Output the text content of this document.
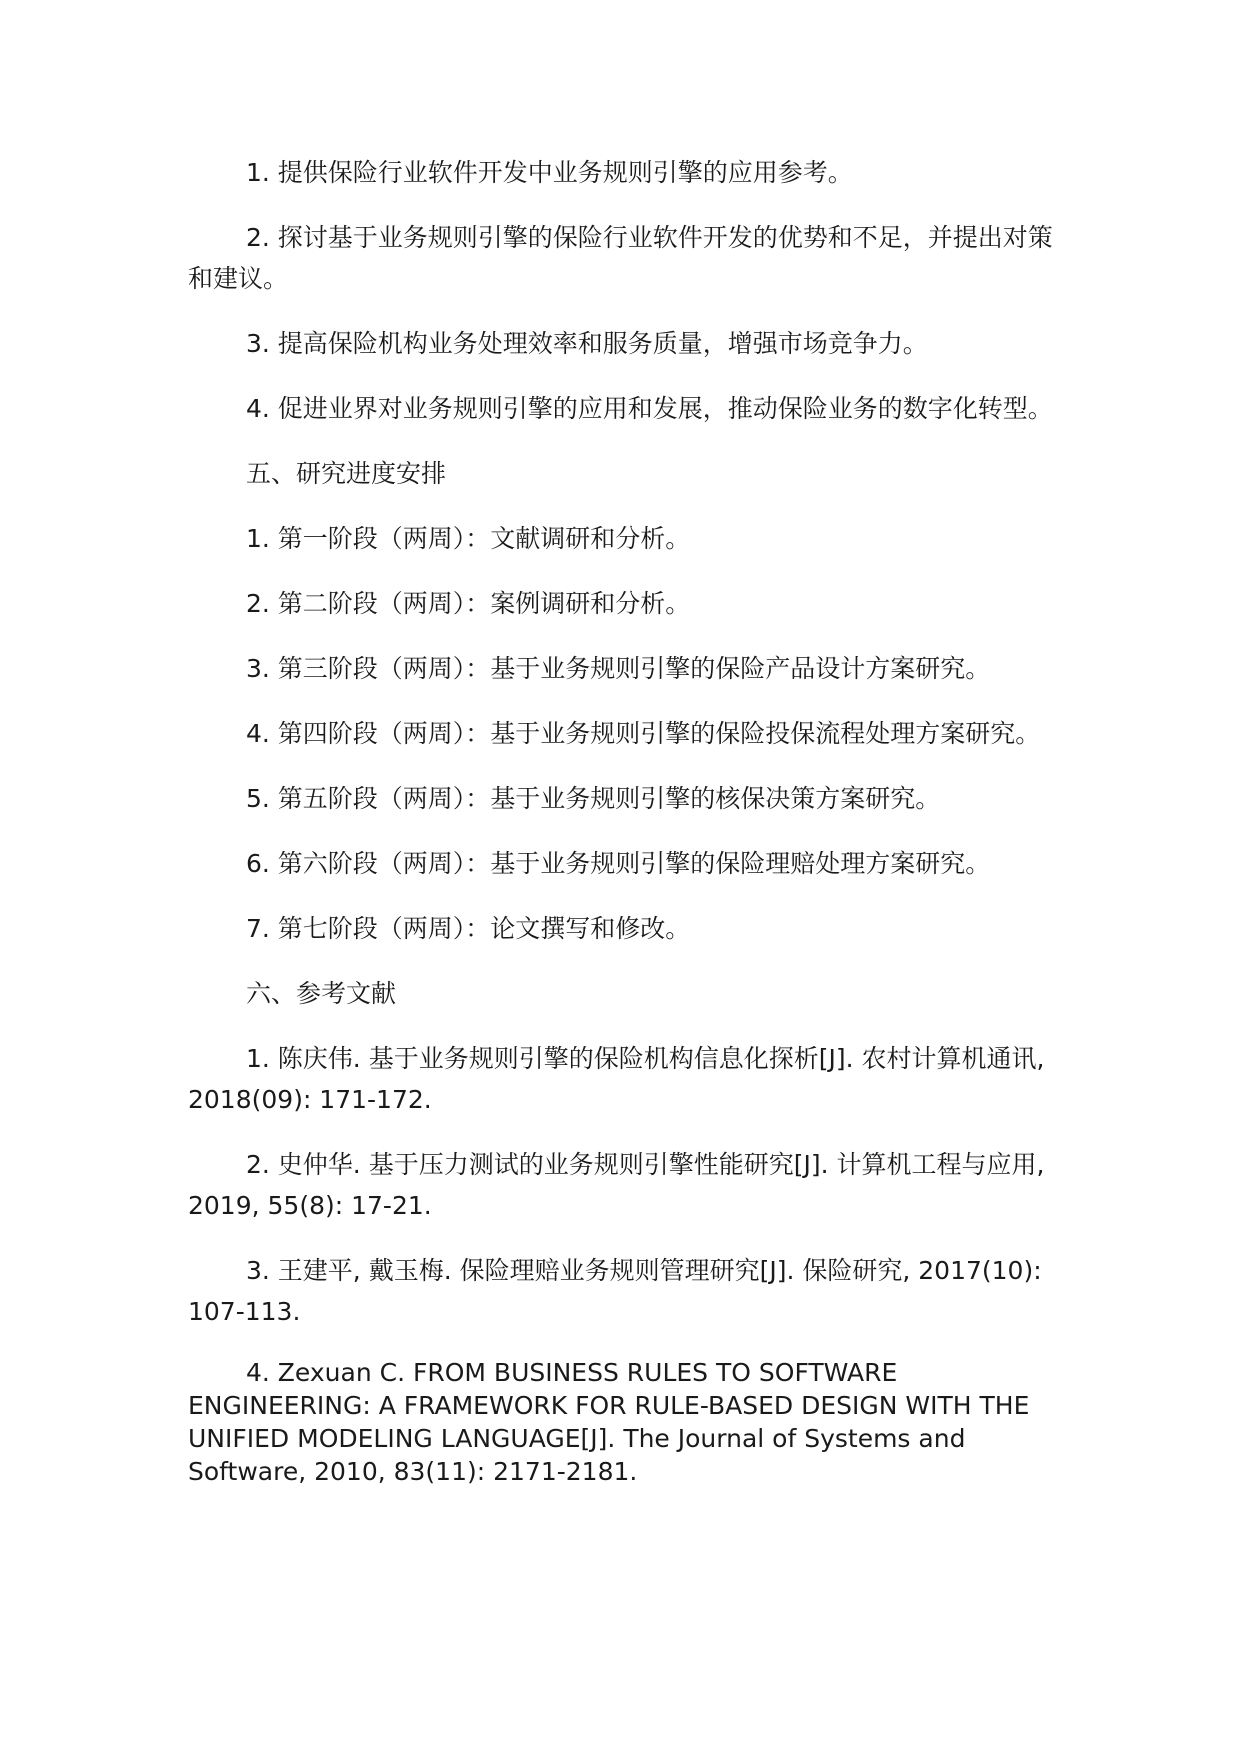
1. 提供保险行业软件开发中业务规则引擎的应用参考。

2. 探讨基于业务规则引擎的保险行业软件开发的优势和不足，并提出对策和建议。

3. 提高保险机构业务处理效率和服务质量，增强市场竞争力。

4. 促进业界对业务规则引擎的应用和发展，推动保险业务的数字化转型。

五、研究进度安排

1. 第一阶段（两周）：文献调研和分析。

2. 第二阶段（两周）：案例调研和分析。

3. 第三阶段（两周）：基于业务规则引擎的保险产品设计方案研究。

4. 第四阶段（两周）：基于业务规则引擎的保险投保流程处理方案研究。

5. 第五阶段（两周）：基于业务规则引擎的核保决策方案研究。

6. 第六阶段（两周）：基于业务规则引擎的保险理赔处理方案研究。

7. 第七阶段（两周）：论文撰写和修改。

六、参考文献

1. 陈庆伟. 基于业务规则引擎的保险机构信息化探析[J]. 农村计算机通讯, 2018(09): 171-172.

2. 史仲华. 基于压力测试的业务规则引擎性能研究[J]. 计算机工程与应用, 2019, 55(8): 17-21.

3. 王建平, 戴玉梅. 保险理赔业务规则管理研究[J]. 保险研究, 2017(10): 107-113.

4. Zexuan C. FROM BUSINESS RULES TO SOFTWARE ENGINEERING: A FRAMEWORK FOR RULE-BASED DESIGN WITH THE UNIFIED MODELING LANGUAGE[J]. The Journal of Systems and Software, 2010, 83(11): 2171-2181.
